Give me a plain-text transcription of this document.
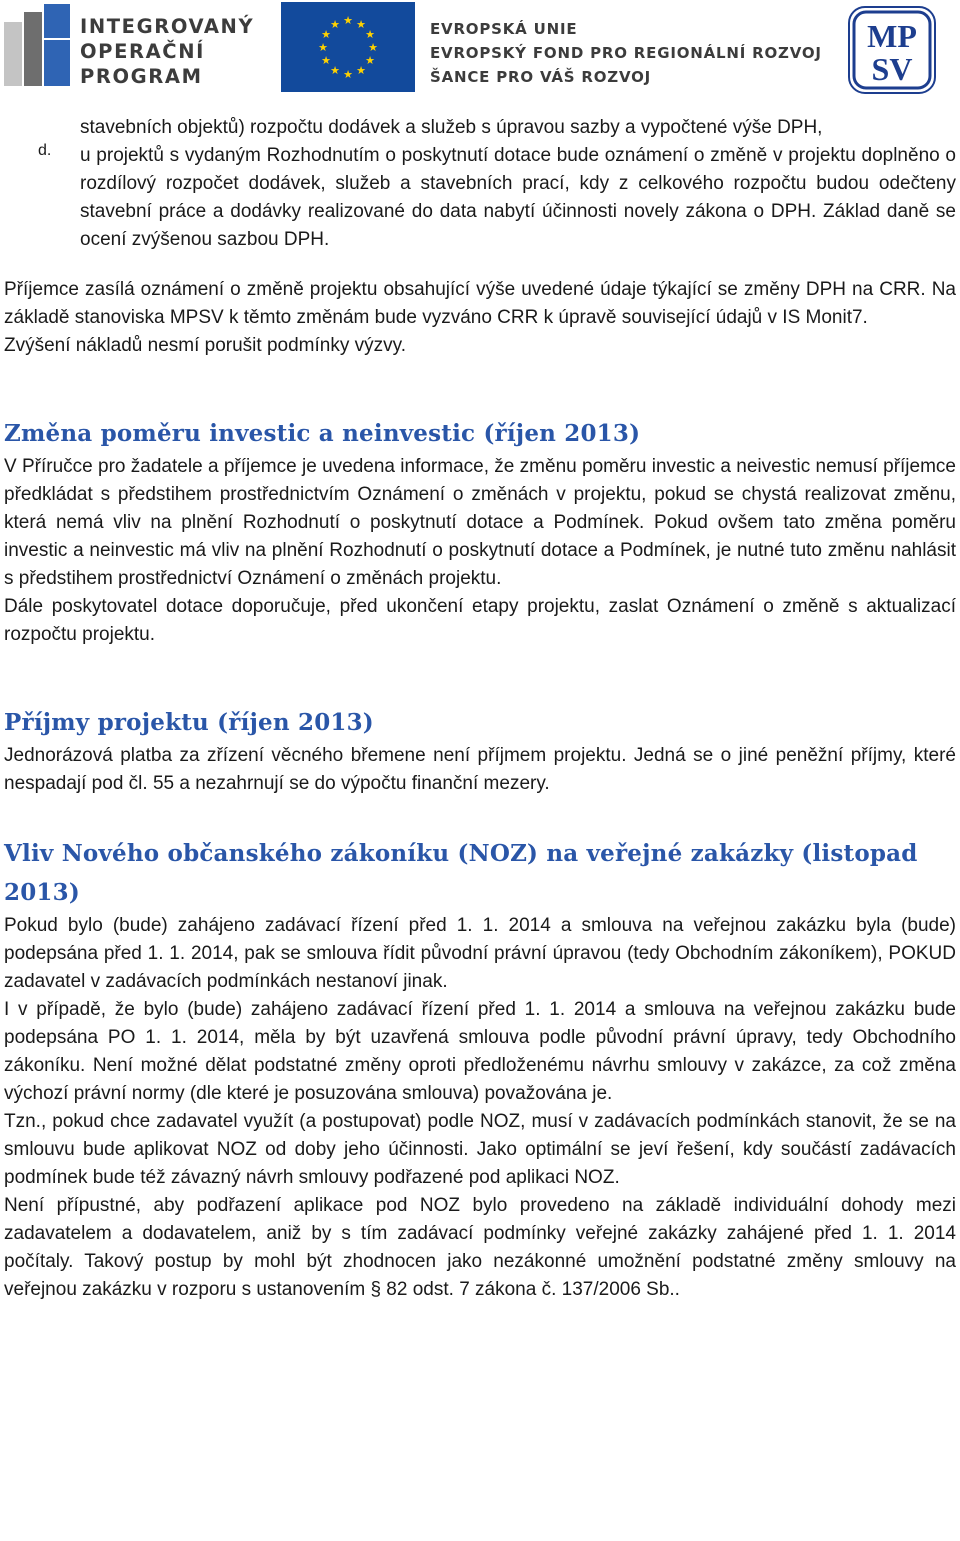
INTEGROVANÝ
OPERAČNÍ
PROGRAM
★ ★
★
★
★
★
★
★
★
★
★
★	EVROPSKÁ UNIE
EVROPSKÝ FOND PRO REGIONÁLNÍ ROZVOJ
ŠANCE PRO VÁŠ ROZVOJ
MP
SV

stavebních objektů) rozpočtu dodávek a služeb s úpravou sazby a vypočtené výše DPH,

d. u projektů s vydaným Rozhodnutím o poskytnutí dotace bude oznámení o změně v projektu doplněno o rozdílový rozpočet dodávek, služeb a stavebních prací, kdy z celkového rozpočtu budou odečteny stavební práce a dodávky realizované do data nabytí účinnosti novely zákona o DPH. Základ daně se ocení zvýšenou sazbou DPH.

Příjemce zasílá oznámení o změně projektu obsahující výše uvedené údaje týkající se změny DPH na CRR. Na základě stanoviska MPSV k těmto změnám bude vyzváno CRR k úpravě související údajů v IS Monit7.

Zvýšení nákladů nesmí porušit podmínky výzvy.

Změna poměru investic a neinvestic (říjen 2013)

V Příručce pro žadatele a příjemce je uvedena informace, že změnu poměru investic a neivestic nemusí příjemce předkládat s předstihem prostřednictvím Oznámení o změnách v projektu, pokud se chystá realizovat změnu, která nemá vliv na plnění Rozhodnutí o poskytnutí dotace a Podmínek. Pokud ovšem tato změna poměru investic a neinvestic má vliv na plnění Rozhodnutí o poskytnutí dotace a Podmínek, je nutné tuto změnu nahlásit s předstihem prostřednictví Oznámení o změnách projektu.

Dále poskytovatel dotace doporučuje, před ukončení etapy projektu, zaslat Oznámení o změně s aktualizací rozpočtu projektu.

Příjmy projektu (říjen 2013)

Jednorázová platba za zřízení věcného břemene není příjmem projektu. Jedná se o jiné peněžní příjmy, které nespadají pod čl. 55 a nezahrnují se do výpočtu finanční mezery.

Vliv Nového občanského zákoníku (NOZ) na veřejné zakázky (listopad 2013)

Pokud bylo (bude) zahájeno zadávací řízení před 1. 1. 2014 a smlouva na veřejnou zakázku byla (bude) podepsána před 1. 1. 2014, pak se smlouva řídit původní právní úpravou (tedy Obchodním zákoníkem), POKUD zadavatel v zadávacích podmínkách nestanoví jinak.

I v případě, že bylo (bude) zahájeno zadávací řízení před 1. 1. 2014 a smlouva na veřejnou zakázku bude podepsána PO 1. 1. 2014, měla by být uzavřená smlouva podle původní právní úpravy, tedy Obchodního zákoníku. Není možné dělat podstatné změny oproti předloženému návrhu smlouvy v zakázce, za což změna výchozí právní normy (dle které je posuzována smlouva) považována je.

Tzn., pokud chce zadavatel využít (a postupovat) podle NOZ, musí v zadávacích podmínkách stanovit, že se na smlouvu bude aplikovat NOZ od doby jeho účinnosti. Jako optimální se jeví řešení, kdy součástí zadávacích podmínek bude též závazný návrh smlouvy podřazené pod aplikaci NOZ.

Není přípustné, aby podřazení aplikace pod NOZ bylo provedeno na základě individuální dohody mezi zadavatelem a dodavatelem, aniž by s tím zadávací podmínky veřejné zakázky zahájené před 1. 1. 2014 počítaly. Takový postup by mohl být zhodnocen jako nezákonné umožnění podstatné změny smlouvy na veřejnou zakázku v rozporu s ustanovením § 82 odst. 7 zákona č. 137/2006 Sb..
